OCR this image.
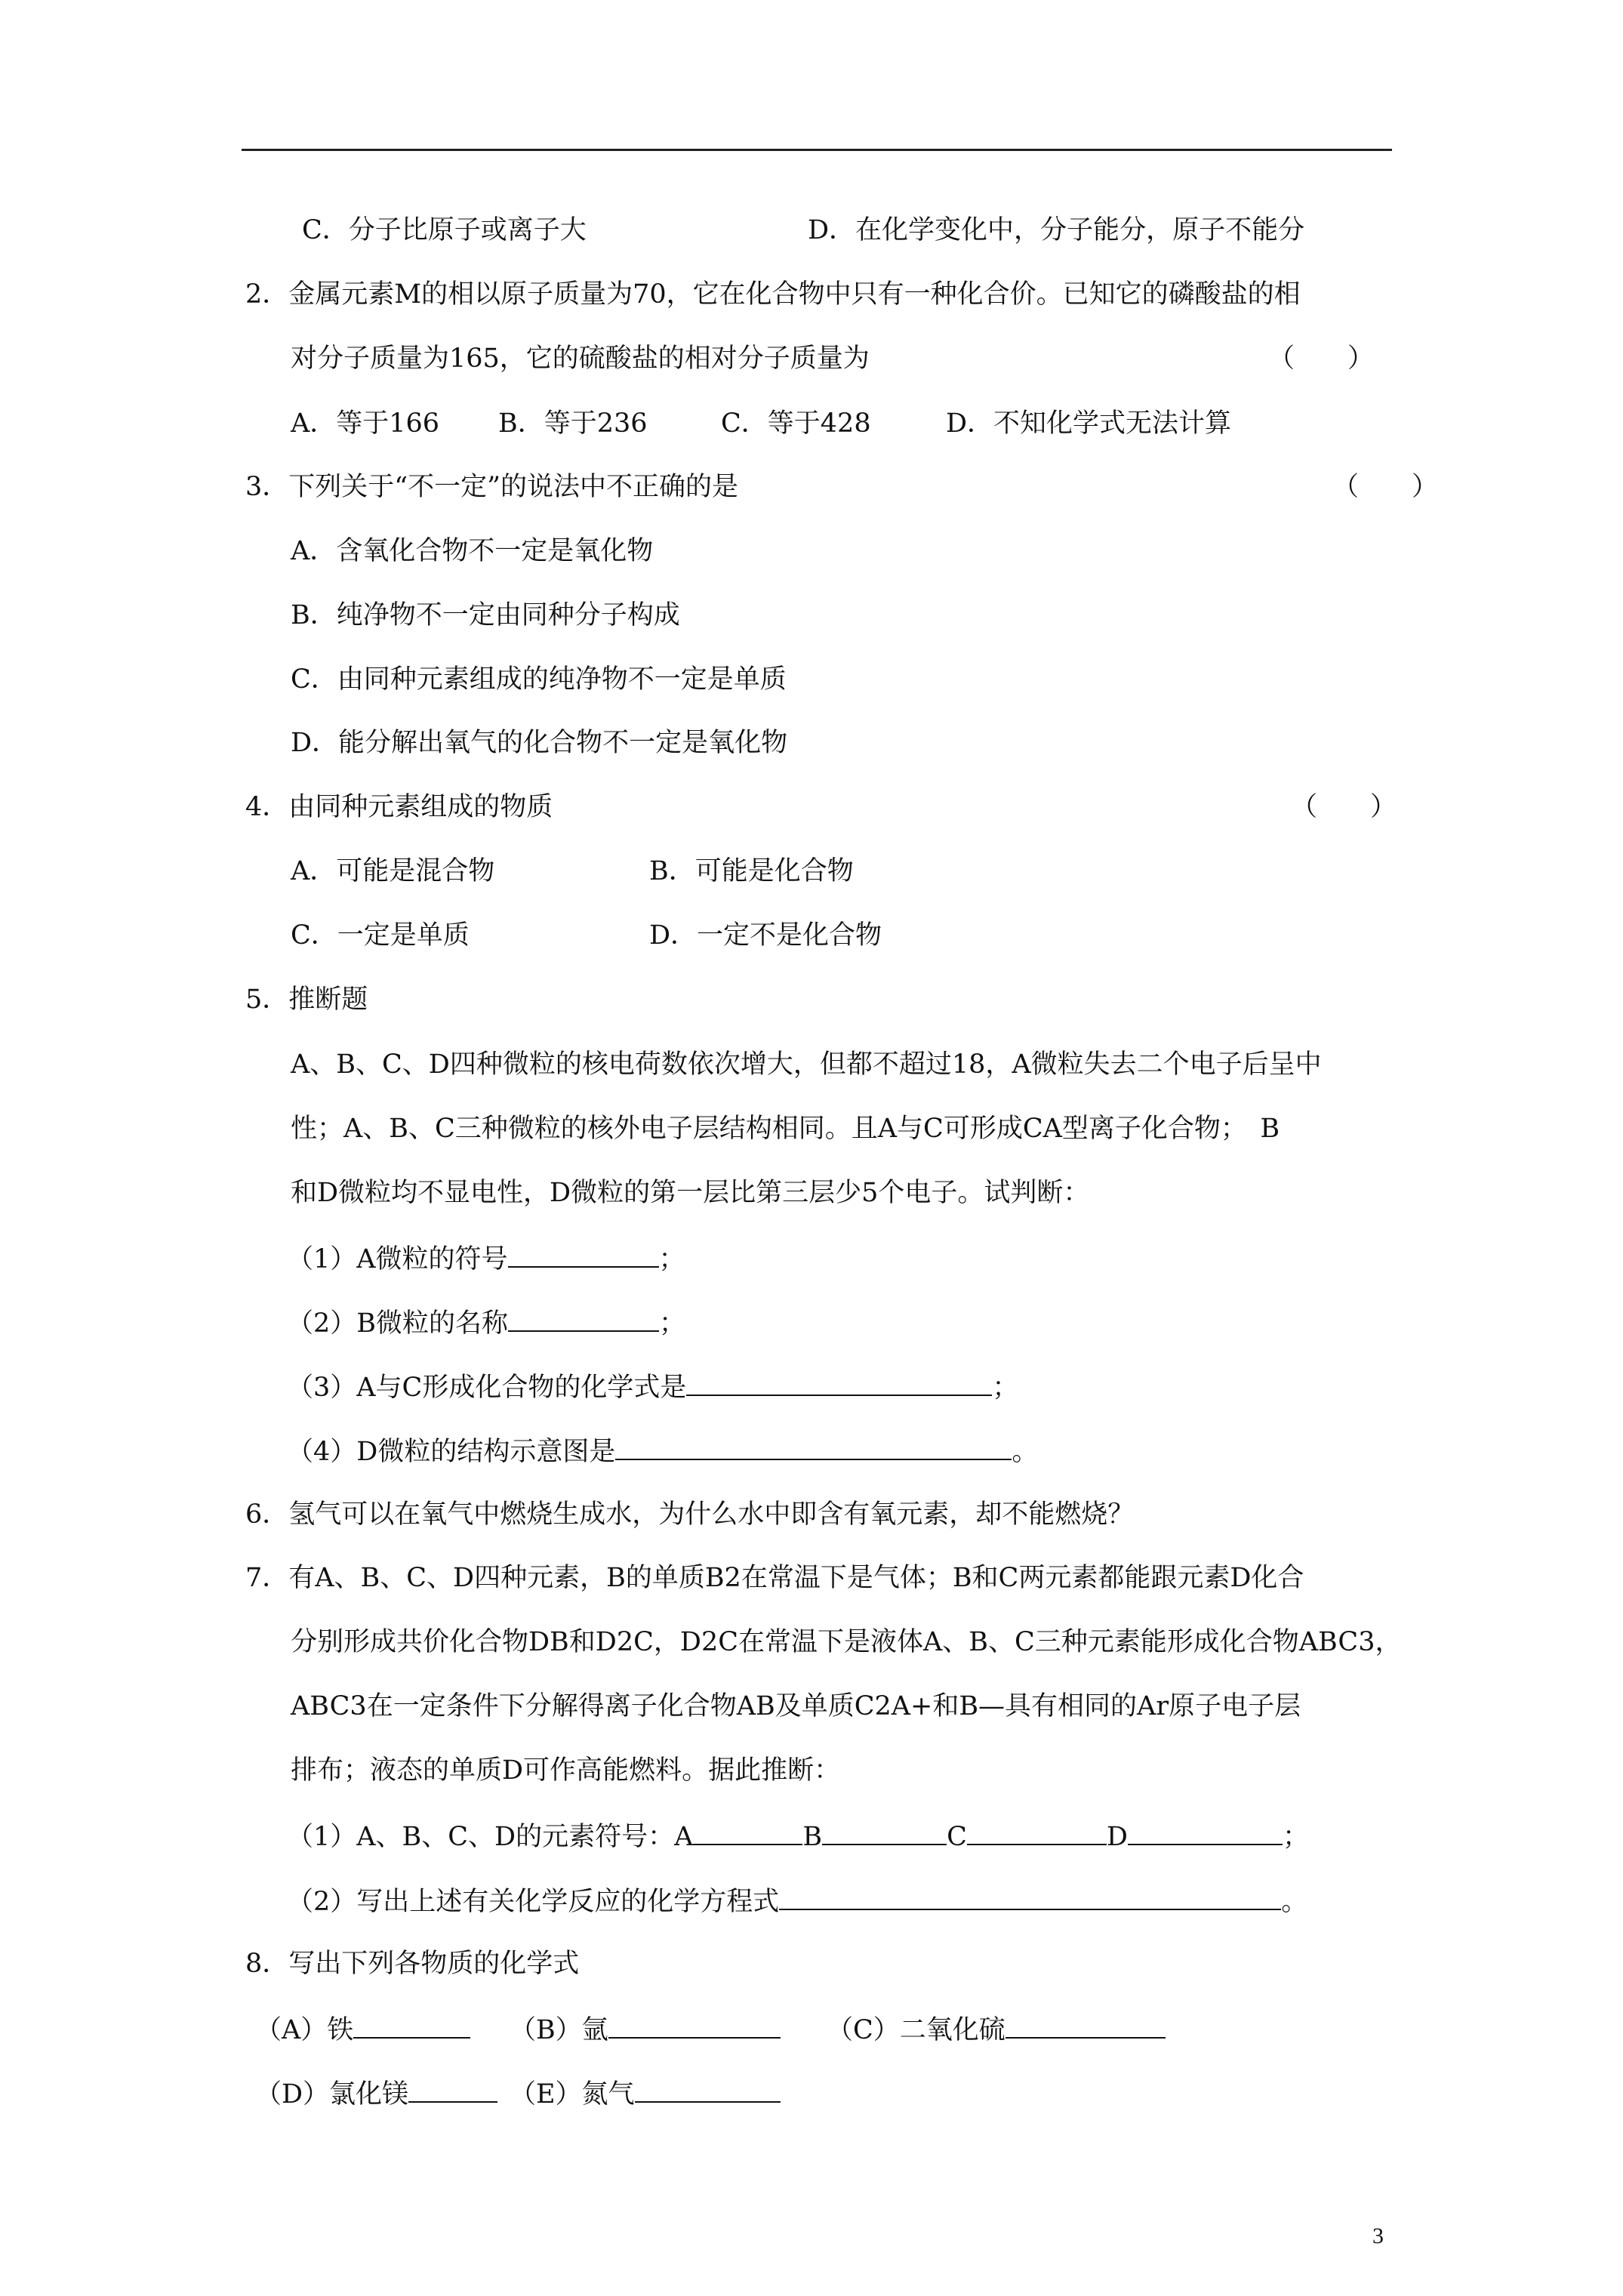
C．分子比原子或离子大	D．在化学变化中，分子能分，原子不能分
2．金属元素M的相以原子质量为70，它在化合物中只有一种化合价。已知它的磷酸盐的相
对分子质量为165，它的硫酸盐的相对分子质量为	（　　）
A．等于166 B．等于236	C．等于428	D．不知化学式无法计算
3．下列关于“不一定”的说法中不正确的是	（　　）
A．含氧化合物不一定是氧化物
B．纯净物不一定由同种分子构成
C．由同种元素组成的纯净物不一定是单质
D．能分解出氧气的化合物不一定是氧化物
4．由同种元素组成的物质	（　　）
A．可能是混合物	B．可能是化合物
C．一定是单质	D．一定不是化合物
5．推断题
A、B、C、D四种微粒的核电荷数依次增大，但都不超过18，A微粒失去二个电子后呈中
性；A、B、C三种微粒的核外电子层结构相同。且A与C可形成CA型离子化合物；　B
和D微粒均不显电性，D微粒的第一层比第三层少5个电子。试判断：
（1）A微粒的符号	；
（2）B微粒的名称	；
（3）A与C形成化合物的化学式是	；
（4）D微粒的结构示意图是	。
6．氢气可以在氧气中燃烧生成水，为什么水中即含有氧元素，却不能燃烧？
7．有A、B、C、D四种元素，B的单质B2在常温下是气体；B和C两元素都能跟元素D化合
分别形成共价化合物DB和D2C，D2C在常温下是液体A、B、C三种元素能形成化合物ABC3，
ABC3在一定条件下分解得离子化合物AB及单质C2A+和B—具有相同的Ar原子电子层
排布；液态的单质D可作高能燃料。据此推断：
（1）A、B、C、D的元素符号：A	B	C	D	；
（2）写出上述有关化学反应的化学方程式	。
8．写出下列各物质的化学式
（A）铁	（B）氩	（C）二氧化硫
（D）氯化镁	（E）氮气
3
